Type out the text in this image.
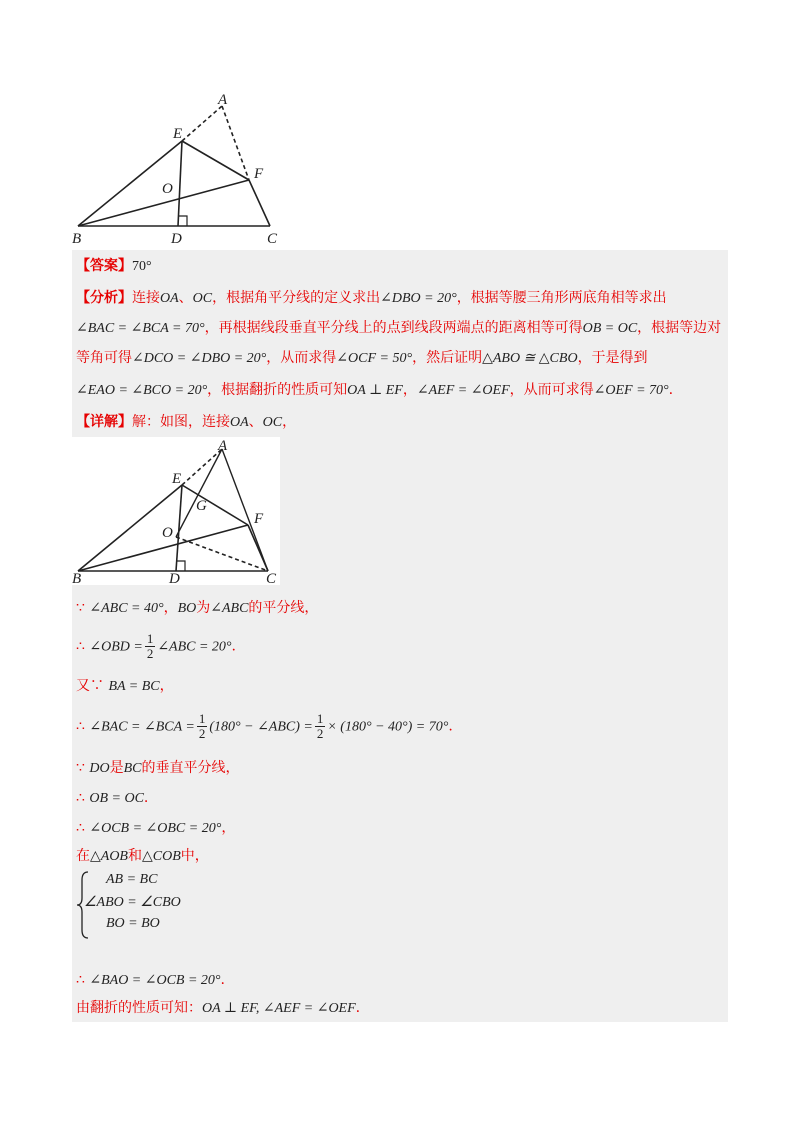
A
E
F
O
B	D	C
【答案】70°
【分析】连接OA、OC，根据角平分线的定义求出∠DBO = 20°，根据等腰三角形两底角相等求出
∠BAC = ∠BCA = 70°，再根据线段垂直平分线上的点到线段两端点的距离相等可得OB = OC，根据等边对
等角可得∠DCO = ∠DBO = 20°，从而求得∠OCF = 50°，然后证明△ABO ≅ △CBO，于是得到
∠EAO = ∠BCO = 20°，根据翻折的性质可知OA ⊥ EF，∠AEF = ∠OEF，从而可求得∠OEF = 70°.
【详解】解：如图，连接OA、OC，
A
E
G
F
O
B	D	C
∵ ∠ABC = 40°，BO为∠ABC的平分线，
∴ ∠OBD = $\frac{1}{2}$ ∠ABC = 20°.
又∵ BA = BC，
∴ ∠BAC = ∠BCA = $\frac{1}{2} (180^\circ$ − ∠ABC) = $\frac{1}{2} \times (180^\circ - 40^\circ) = 70^\circ$.
∵ DO是BC的垂直平分线，
∴ OB = OC.
∴ ∠OCB = ∠OBC = 20°，
在△AOB和△COB中，
AB = BC
∠ABO = ∠CBO
BO = BO
∴ ∠BAO = ∠OCB = 20°.
由翻折的性质可知：OA ⊥ EF, ∠AEF = ∠OEF.
